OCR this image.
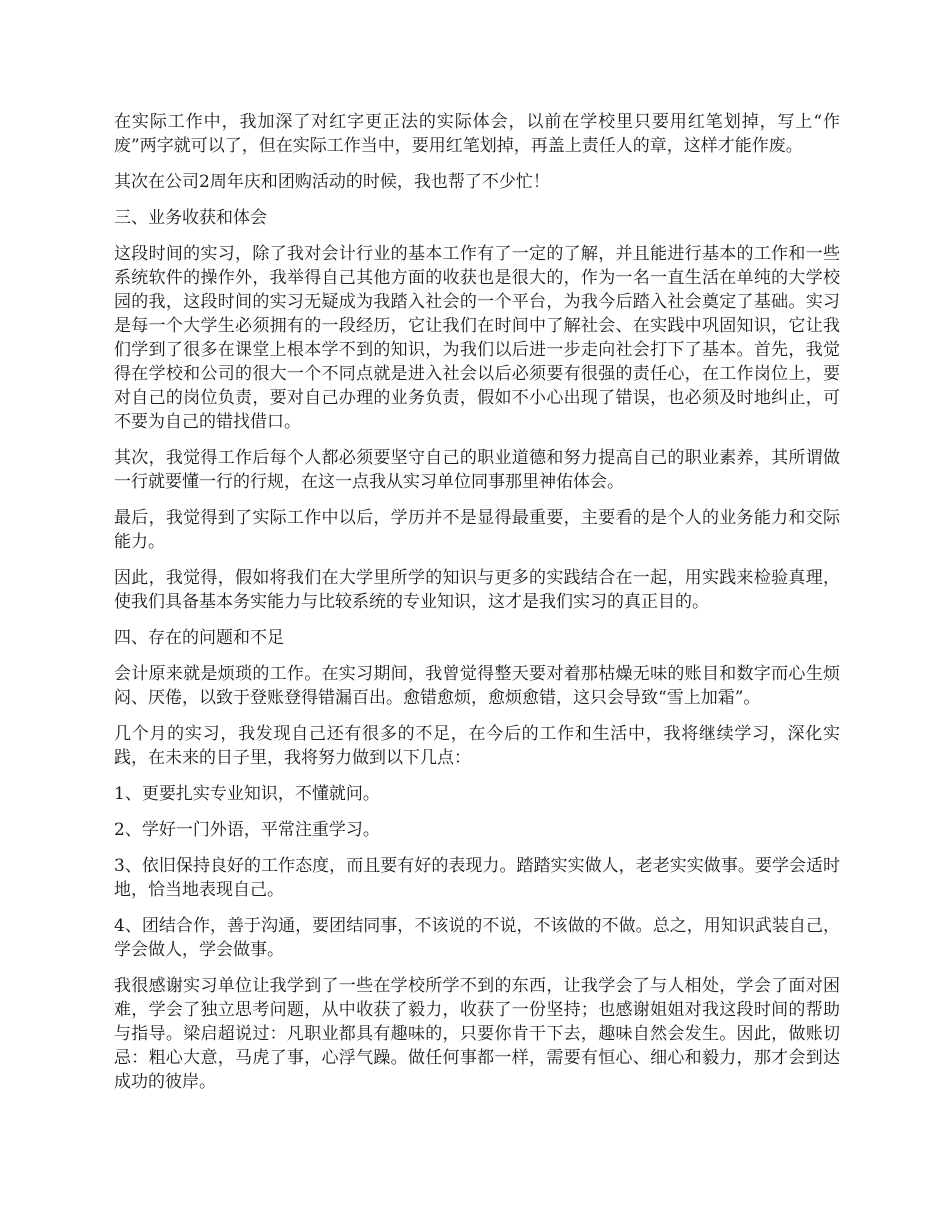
在实际工作中，我加深了对红字更正法的实际体会，以前在学校里只要用红笔划掉，写上“作废”两字就可以了，但在实际工作当中，要用红笔划掉，再盖上责任人的章，这样才能作废。

其次在公司2周年庆和团购活动的时候，我也帮了不少忙！

三、业务收获和体会

这段时间的实习，除了我对会计行业的基本工作有了一定的了解，并且能进行基本的工作和一些系统软件的操作外，我举得自己其他方面的收获也是很大的，作为一名一直生活在单纯的大学校园的我，这段时间的实习无疑成为我踏入社会的一个平台，为我今后踏入社会奠定了基础。实习是每一个大学生必须拥有的一段经历，它让我们在时间中了解社会、在实践中巩固知识，它让我们学到了很多在课堂上根本学不到的知识，为我们以后进一步走向社会打下了基本。首先，我觉得在学校和公司的很大一个不同点就是进入社会以后必须要有很强的责任心，在工作岗位上，要对自己的岗位负责，要对自己办理的业务负责，假如不小心出现了错误，也必须及时地纠止，可不要为自己的错找借口。

其次，我觉得工作后每个人都必须要坚守自己的职业道德和努力提高自己的职业素养，其所谓做一行就要懂一行的行规，在这一点我从实习单位同事那里神佑体会。

最后，我觉得到了实际工作中以后，学历并不是显得最重要，主要看的是个人的业务能力和交际能力。

因此，我觉得，假如将我们在大学里所学的知识与更多的实践结合在一起，用实践来检验真理，使我们具备基本务实能力与比较系统的专业知识，这才是我们实习的真正目的。

四、存在的问题和不足

会计原来就是烦琐的工作。在实习期间，我曾觉得整天要对着那枯燥无味的账目和数字而心生烦闷、厌倦，以致于登账登得错漏百出。愈错愈烦，愈烦愈错，这只会导致“雪上加霜”。

几个月的实习，我发现自己还有很多的不足，在今后的工作和生活中，我将继续学习，深化实践，在未来的日子里，我将努力做到以下几点：

1、更要扎实专业知识，不懂就问。

2、学好一门外语，平常注重学习。

3、依旧保持良好的工作态度，而且要有好的表现力。踏踏实实做人，老老实实做事。要学会适时地，恰当地表现自己。

4、团结合作，善于沟通，要团结同事，不该说的不说，不该做的不做。总之，用知识武装自己，学会做人，学会做事。

我很感谢实习单位让我学到了一些在学校所学不到的东西，让我学会了与人相处，学会了面对困难，学会了独立思考问题，从中收获了毅力，收获了一份坚持；也感谢姐姐对我这段时间的帮助与指导。梁启超说过：凡职业都具有趣味的，只要你肯干下去，趣味自然会发生。因此，做账切忌：粗心大意，马虎了事，心浮气躁。做任何事都一样，需要有恒心、细心和毅力，那才会到达成功的彼岸。
